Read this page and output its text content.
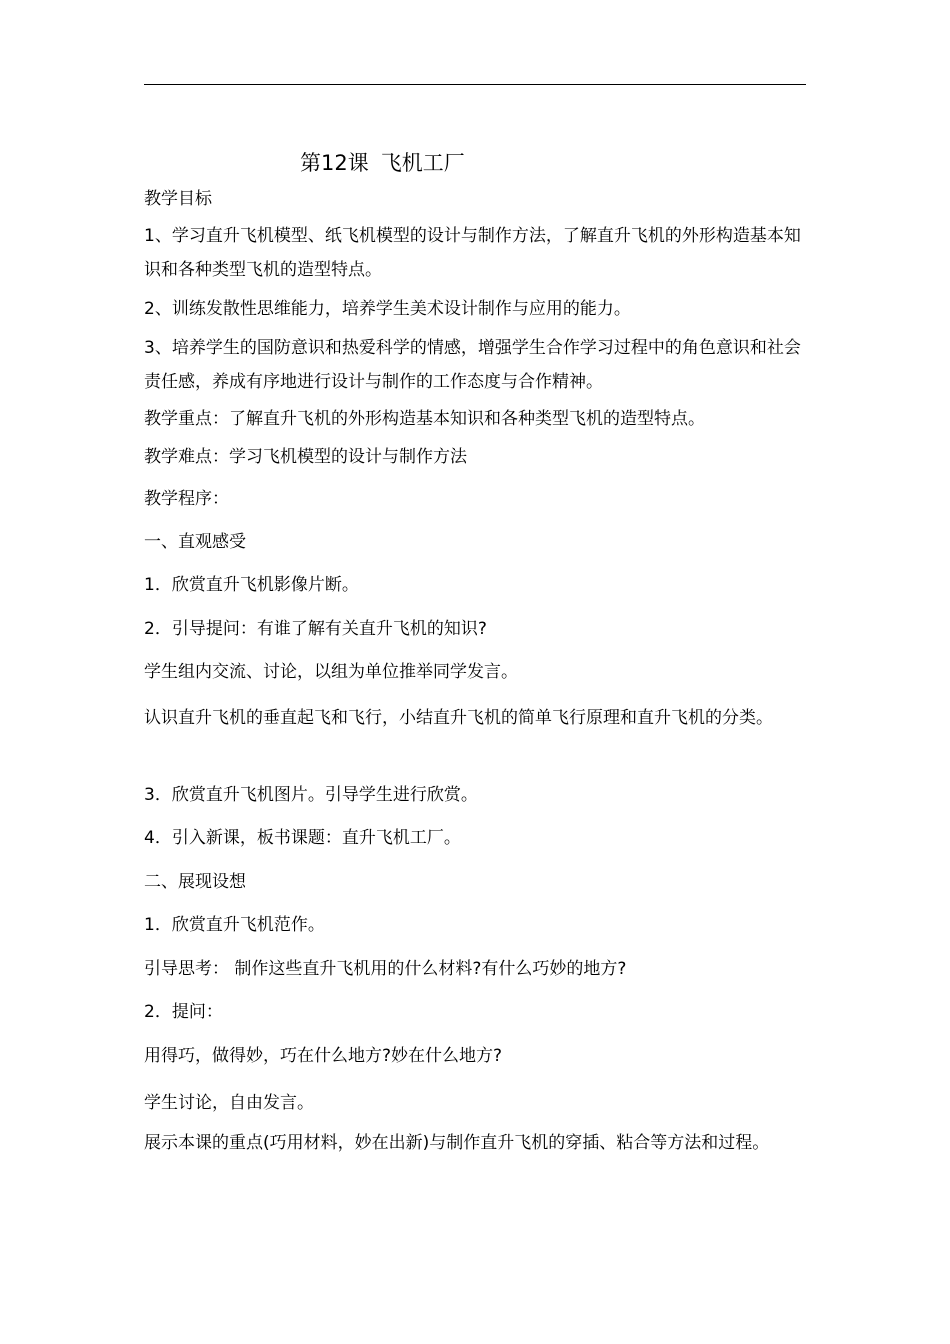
第12课 飞机工厂
教学目标
1、学习直升飞机模型、纸飞机模型的设计与制作方法，了解直升飞机的外形构造基本知识和各种类型飞机的造型特点。
2、训练发散性思维能力，培养学生美术设计制作与应用的能力。
3、培养学生的国防意识和热爱科学的情感，增强学生合作学习过程中的角色意识和社会责任感，养成有序地进行设计与制作的工作态度与合作精神。
教学重点：了解直升飞机的外形构造基本知识和各种类型飞机的造型特点。
教学难点：学习飞机模型的设计与制作方法
教学程序：
一、直观感受
1．欣赏直升飞机影像片断。
2．引导提问：有谁了解有关直升飞机的知识?
学生组内交流、讨论，以组为单位推举同学发言。
认识直升飞机的垂直起飞和飞行，小结直升飞机的简单飞行原理和直升飞机的分类。
3．欣赏直升飞机图片。引导学生进行欣赏。
4．引入新课，板书课题：直升飞机工厂。
二、展现设想
1．欣赏直升飞机范作。
引导思考： 制作这些直升飞机用的什么材料?有什么巧妙的地方?
2．提问：
用得巧，做得妙，巧在什么地方?妙在什么地方?
学生讨论，自由发言。
展示本课的重点(巧用材料，妙在出新)与制作直升飞机的穿插、粘合等方法和过程。
